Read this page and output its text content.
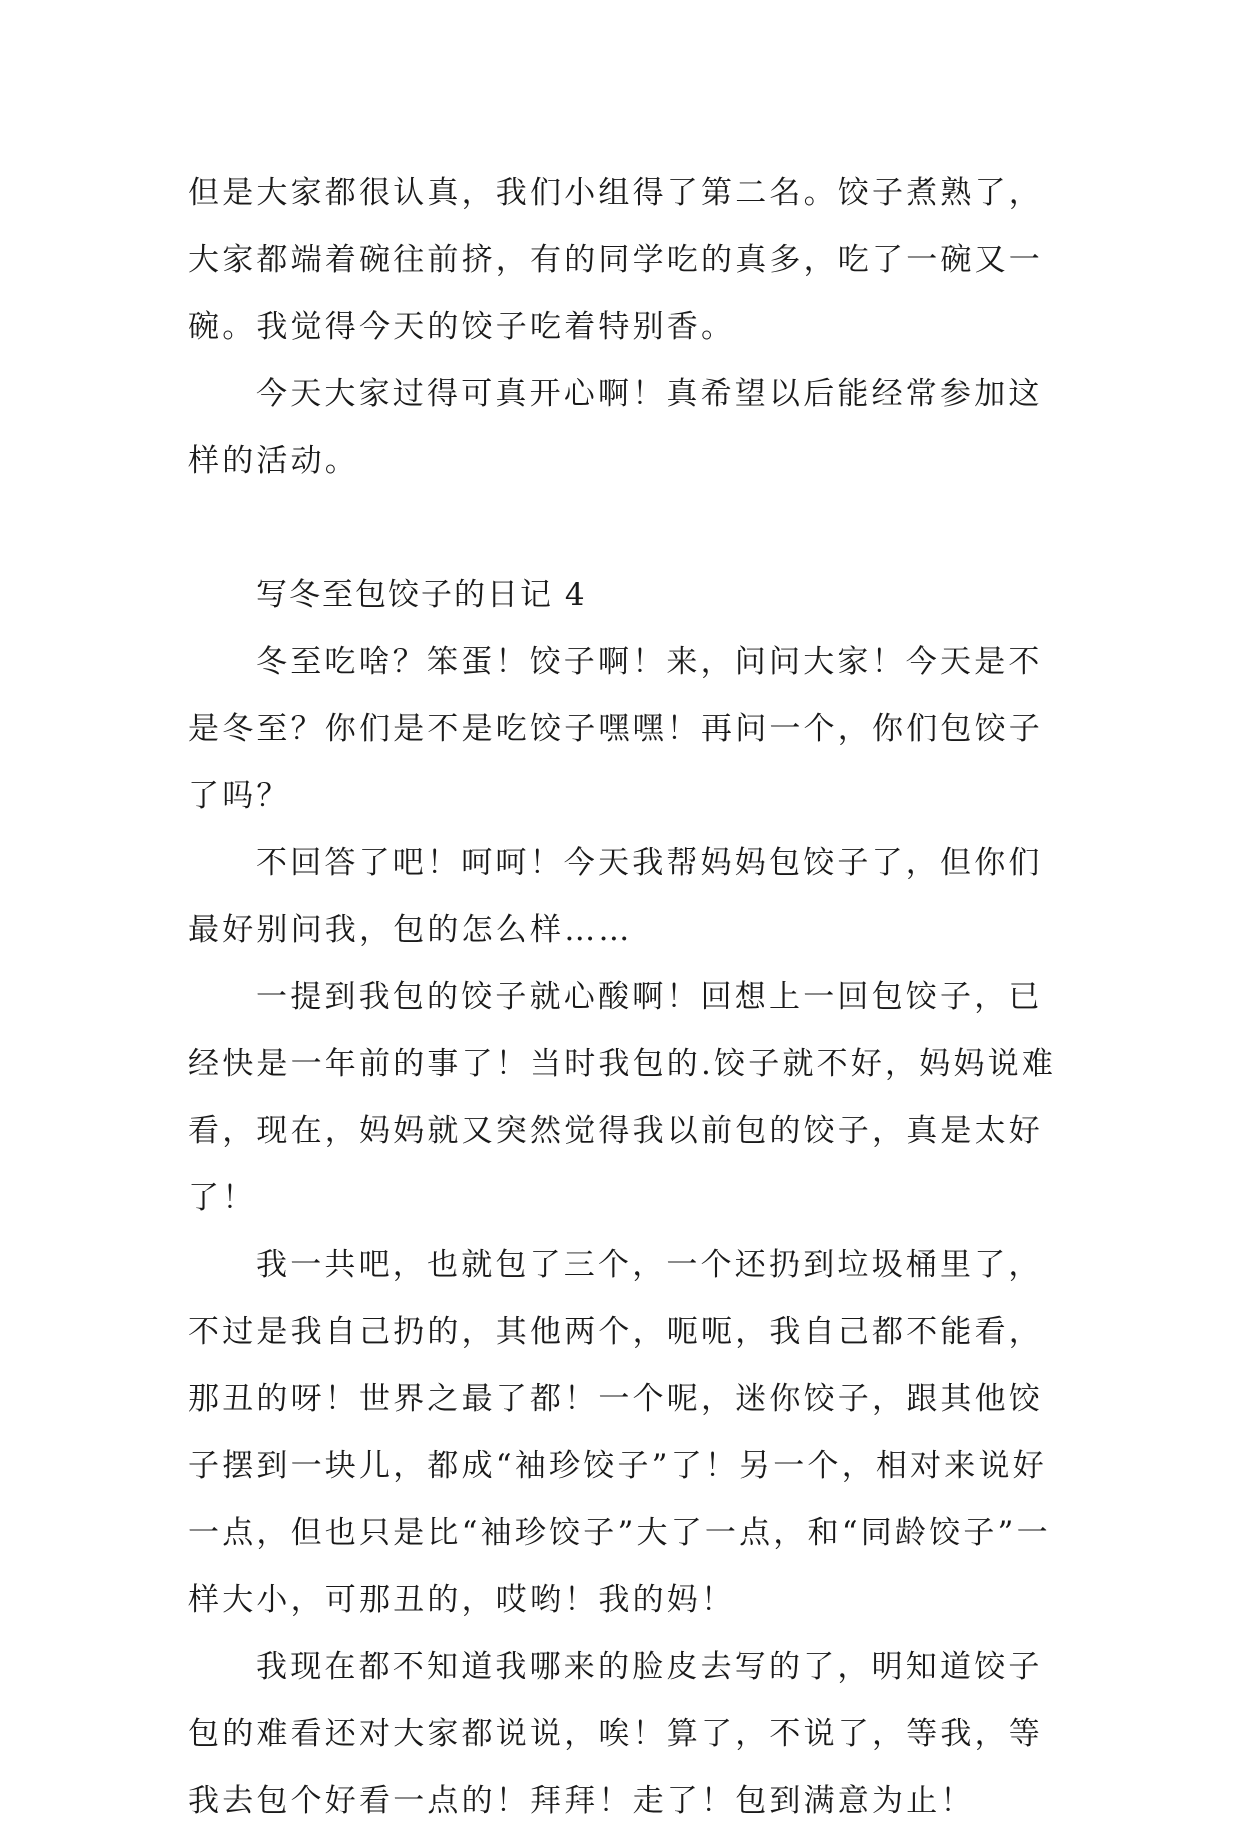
但是大家都很认真，我们小组得了第二名。饺子煮熟了，大家都端着碗往前挤，有的同学吃的真多，吃了一碗又一碗。我觉得今天的饺子吃着特别香。

今天大家过得可真开心啊！真希望以后能经常参加这样的活动。

写冬至包饺子的日记 4

冬至吃啥？笨蛋！饺子啊！来，问问大家！今天是不是冬至？你们是不是吃饺子嘿嘿！再问一个，你们包饺子了吗？

不回答了吧！呵呵！今天我帮妈妈包饺子了，但你们最好别问我，包的怎么样……

一提到我包的饺子就心酸啊！回想上一回包饺子，已经快是一年前的事了！当时我包的.饺子就不好，妈妈说难看，现在，妈妈就又突然觉得我以前包的饺子，真是太好了！

我一共吧，也就包了三个，一个还扔到垃圾桶里了，不过是我自己扔的，其他两个，呃呃，我自己都不能看，那丑的呀！世界之最了都！一个呢，迷你饺子，跟其他饺子摆到一块儿，都成“袖珍饺子”了！另一个，相对来说好一点，但也只是比“袖珍饺子”大了一点，和“同龄饺子”一样大小，可那丑的，哎哟！我的妈！

我现在都不知道我哪来的脸皮去写的了，明知道饺子包的难看还对大家都说说，唉！算了，不说了，等我，等我去包个好看一点的！拜拜！走了！包到满意为止！
